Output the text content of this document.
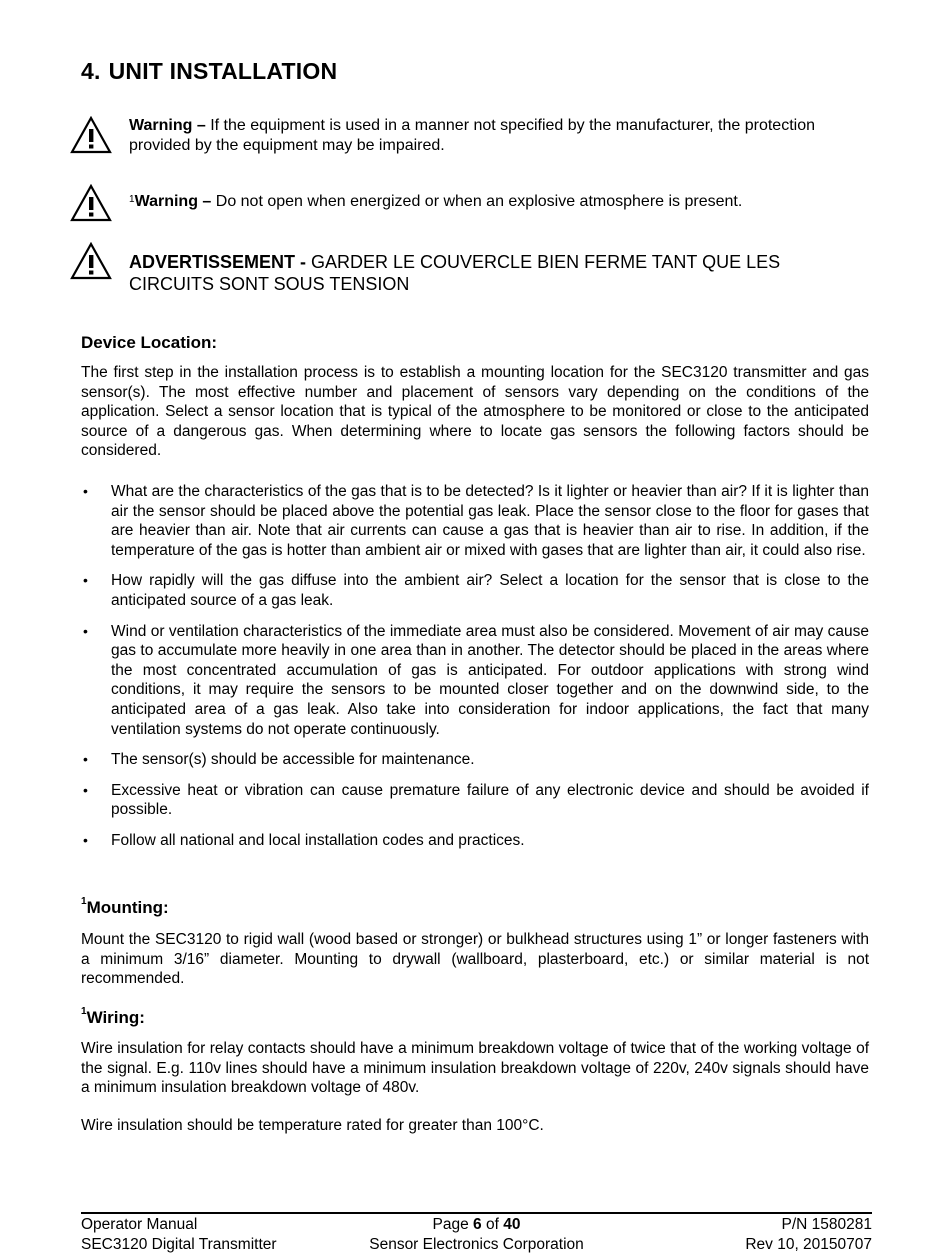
4. UNIT INSTALLATION
Warning – If the equipment is used in a manner not specified by the manufacturer, the protection provided by the equipment may be impaired.
$^1$Warning – Do not open when energized or when an explosive atmosphere is present.
ADVERTISSEMENT - GARDER LE COUVERCLE BIEN FERME TANT QUE LES CIRCUITS SONT SOUS TENSION
Device Location:
The first step in the installation process is to establish a mounting location for the SEC3120 transmitter and gas sensor(s). The most effective number and placement of sensors vary depending on the conditions of the application. Select a sensor location that is typical of the atmosphere to be monitored or close to the anticipated source of a dangerous gas. When determining where to locate gas sensors the following factors should be considered.
• What are the characteristics of the gas that is to be detected? Is it lighter or heavier than air? If it is lighter than air the sensor should be placed above the potential gas leak. Place the sensor close to the floor for gases that are heavier than air. Note that air currents can cause a gas that is heavier than air to rise. In addition, if the temperature of the gas is hotter than ambient air or mixed with gases that are lighter than air, it could also rise.
• How rapidly will the gas diffuse into the ambient air? Select a location for the sensor that is close to the anticipated source of a gas leak.
• Wind or ventilation characteristics of the immediate area must also be considered. Movement of air may cause gas to accumulate more heavily in one area than in another. The detector should be placed in the areas where the most concentrated accumulation of gas is anticipated. For outdoor applications with strong wind conditions, it may require the sensors to be mounted closer together and on the downwind side, to the anticipated area of a gas leak. Also take into consideration for indoor applications, the fact that many ventilation systems do not operate continuously.
• The sensor(s) should be accessible for maintenance.
• Excessive heat or vibration can cause premature failure of any electronic device and should be avoided if possible.
• Follow all national and local installation codes and practices.
$^1$Mounting:
Mount the SEC3120 to rigid wall (wood based or stronger) or bulkhead structures using 1” or longer fasteners with a minimum 3/16” diameter. Mounting to drywall (wallboard, plasterboard, etc.) or similar material is not recommended.
$^1$Wiring:
Wire insulation for relay contacts should have a minimum breakdown voltage of twice that of the working voltage of the signal. E.g. 110v lines should have a minimum insulation breakdown voltage of 220v, 240v signals should have a minimum insulation breakdown voltage of 480v.
Wire insulation should be temperature rated for greater than 100°C.
Operator Manual	Page 6 of 40	P/N 1580281
SEC3120 Digital Transmitter	Sensor Electronics Corporation	Rev 10, 20150707
